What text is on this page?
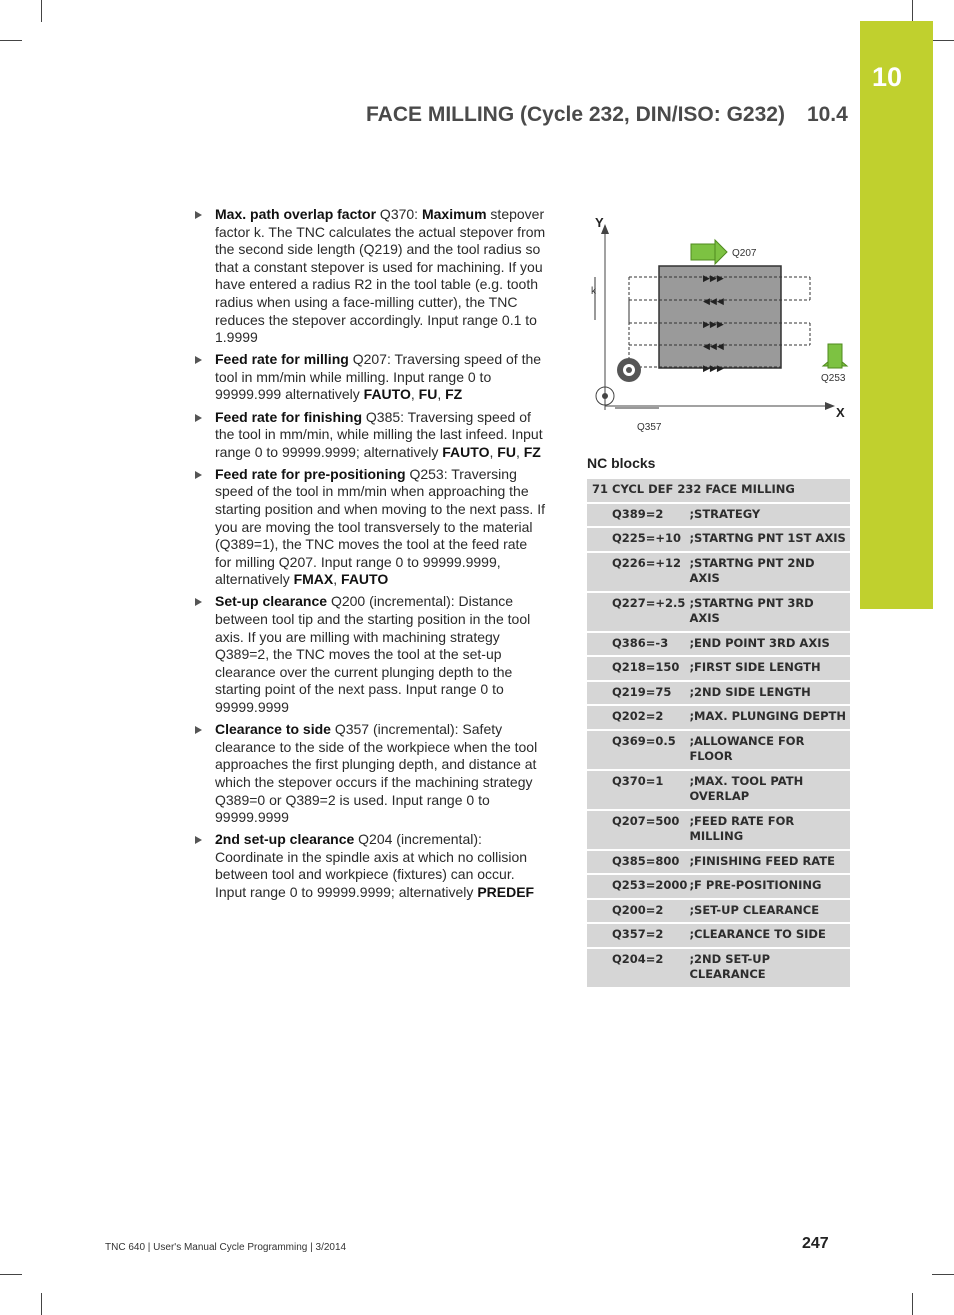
10
FACE MILLING (Cycle 232, DIN/ISO: G232) 10.4
Max. path overlap factor Q370: Maximum stepover factor k. The TNC calculates the actual stepover from the second side length (Q219) and the tool radius so that a constant stepover is used for machining. If you have entered a radius R2 in the tool table (e.g. tooth radius when using a face-milling cutter), the TNC reduces the stepover accordingly. Input range 0.1 to 1.9999
Feed rate for milling Q207: Traversing speed of the tool in mm/min while milling. Input range 0 to 99999.999 alternatively FAUTO, FU, FZ
Feed rate for finishing Q385: Traversing speed of the tool in mm/min, while milling the last infeed. Input range 0 to 99999.9999; alternatively FAUTO, FU, FZ
Feed rate for pre-positioning Q253: Traversing speed of the tool in mm/min when approaching the starting position and when moving to the next pass. If you are moving the tool transversely to the material (Q389=1), the TNC moves the tool at the feed rate for milling Q207. Input range 0 to 99999.9999, alternatively FMAX, FAUTO
Set-up clearance Q200 (incremental): Distance between tool tip and the starting position in the tool axis. If you are milling with machining strategy Q389=2, the TNC moves the tool at the set-up clearance over the current plunging depth to the starting point of the next pass. Input range 0 to 99999.9999
Clearance to side Q357 (incremental): Safety clearance to the side of the workpiece when the tool approaches the first plunging depth, and distance at which the stepover occurs if the machining strategy Q389=0 or Q389=2 is used. Input range 0 to 99999.9999
2nd set-up clearance Q204 (incremental): Coordinate in the spindle axis at which no collision between tool and workpiece (fixtures) can occur. Input range 0 to 99999.9999; alternatively PREDEF
Y
X
▶▶▶
◀◀◀
▶▶▶
◀◀◀
▶▶▶
k
Q207
Q253
Q357
NC blocks
71 CYCL DEF 232 FACE MILLING	
Q389=2	;STRATEGY
Q225=+10	;STARTNG PNT 1ST AXIS
Q226=+12	;STARTNG PNT 2ND AXIS
Q227=+2.5	;STARTNG PNT 3RD AXIS
Q386=-3	;END POINT 3RD AXIS
Q218=150	;FIRST SIDE LENGTH
Q219=75	;2ND SIDE LENGTH
Q202=2	;MAX. PLUNGING DEPTH
Q369=0.5	;ALLOWANCE FOR FLOOR
Q370=1	;MAX. TOOL PATH OVERLAP
Q207=500	;FEED RATE FOR MILLING
Q385=800	;FINISHING FEED RATE
Q253=2000	;F PRE-POSITIONING
Q200=2	;SET-UP CLEARANCE
Q357=2	;CLEARANCE TO SIDE
Q204=2	;2ND SET-UP CLEARANCE
TNC 640 | User's Manual Cycle Programming | 3/2014	247
